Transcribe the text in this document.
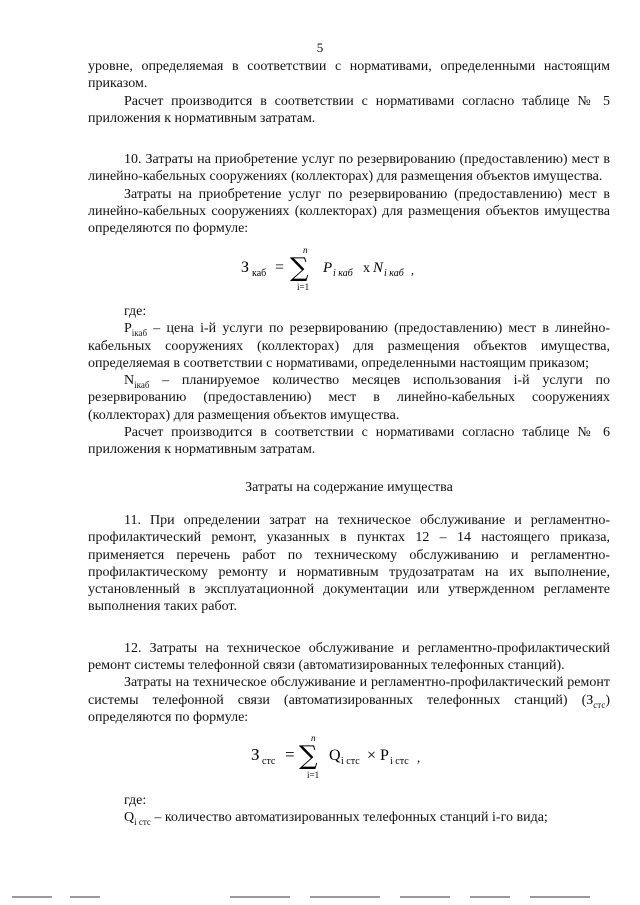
5

уровне, определяемая в соответствии с нормативами, определенными настоящим приказом.

Расчет производится в соответствии с нормативами согласно таблице № 5 приложения к нормативным затратам.

10. Затраты на приобретение услуг по резервированию (предоставлению) мест в линейно-кабельных сооружениях (коллекторах) для размещения объектов имущества.

Затраты на приобретение услуг по резервированию (предоставлению) мест в линейно-кабельных сооружениях (коллекторах) для размещения объектов имущества определяются по формуле:

З каб =
n
∑
i=1
P i каб x N i каб ,

где:

$P_{iкаб}$ – цена i-й услуги по резервированию (предоставлению) мест в линейно-кабельных сооружениях (коллекторах) для размещения объектов имущества, определяемая в соответствии с нормативами, определенными настоящим приказом;

$N_{iкаб}$ – планируемое количество месяцев использования i-й услуги по резервированию (предоставлению) мест в линейно-кабельных сооружениях (коллекторах) для размещения объектов имущества.

Расчет производится в соответствии с нормативами согласно таблице № 6 приложения к нормативным затратам.

Затраты на содержание имущества

11. При определении затрат на техническое обслуживание и регламентно-профилактический ремонт, указанных в пунктах 12 – 14 настоящего приказа, применяется перечень работ по техническому обслуживанию и регламентно-профилактическому ремонту и нормативным трудозатратам на их выполнение, установленный в эксплуатационной документации или утвержденном регламенте выполнения таких работ.

12. Затраты на техническое обслуживание и регламентно-профилактический ремонт системы телефонной связи (автоматизированных телефонных станций).

Затраты на техническое обслуживание и регламентно-профилактический ремонт системы телефонной связи (автоматизированных телефонных станций) $(З_{стс})$ определяются по формуле:

З стс =
n
∑
i=1
Q i стс × P i стс ,

где:

$Q_{i стс}$ – количество автоматизированных телефонных станций i-го вида;
